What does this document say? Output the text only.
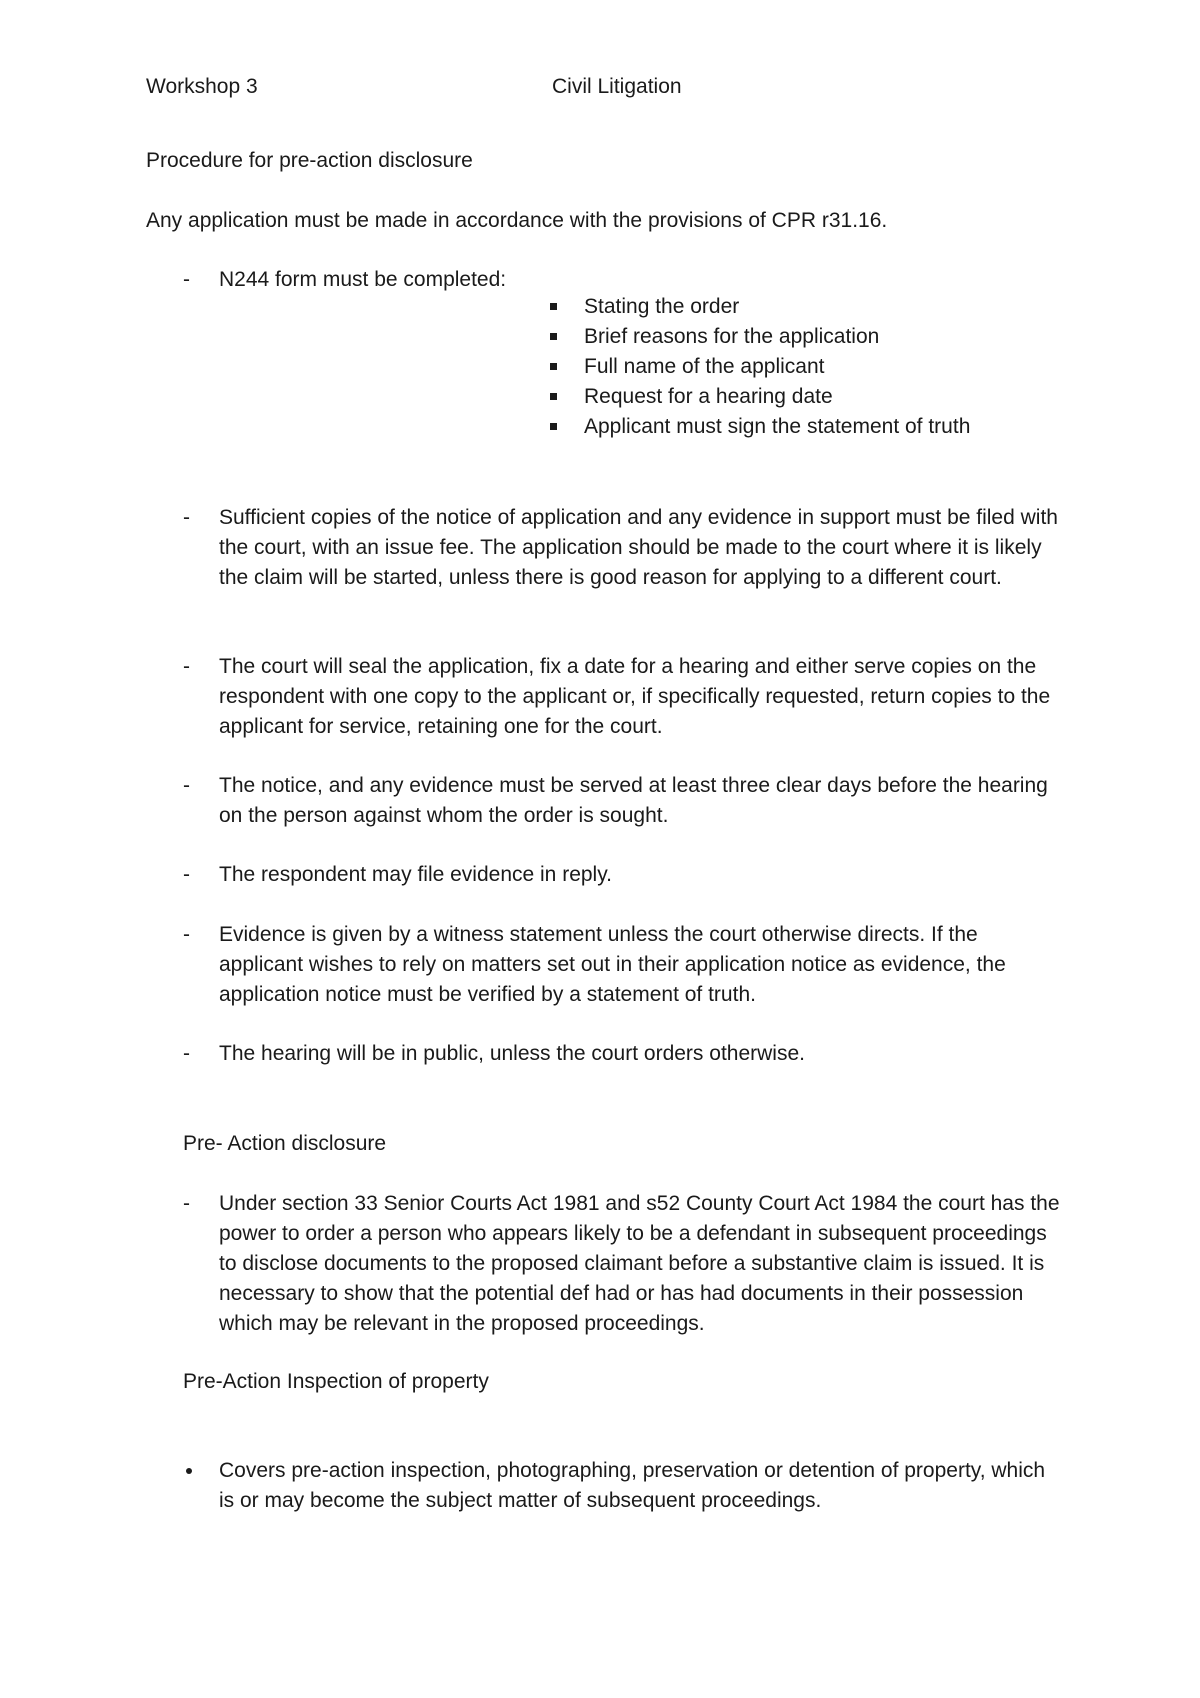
Workshop 3	Civil Litigation

Procedure for pre-action disclosure

Any application must be made in accordance with the provisions of CPR r31.16.

-	N244 form must be completed:
Stating the order
Brief reasons for the application
Full name of the applicant
Request for a hearing date
Applicant must sign the statement of truth
-	Sufficient copies of the notice of application and any evidence in support must be filed with the court, with an issue fee. The application should be made to the court where it is likely the claim will be started, unless there is good reason for applying to a different court.
-	The court will seal the application, fix a date for a hearing and either serve copies on the respondent with one copy to the applicant or, if specifically requested, return copies to the applicant for service, retaining one for the court.
-	The notice, and any evidence must be served at least three clear days before the hearing on the person against whom the order is sought.
-	The respondent may file evidence in reply.
-	Evidence is given by a witness statement unless the court otherwise directs. If the applicant wishes to rely on matters set out in their application notice as evidence, the application notice must be verified by a statement of truth.
-	The hearing will be in public, unless the court orders otherwise.

Pre- Action disclosure

-	Under section 33 Senior Courts Act 1981 and s52 County Court Act 1984 the court has the power to order a person who appears likely to be a defendant in subsequent proceedings to disclose documents to the proposed claimant before a substantive claim is issued. It is necessary to show that the potential def had or has had documents in their possession which may be relevant in the proposed proceedings.

Pre-Action Inspection of property

Covers pre-action inspection, photographing, preservation or detention of property, which is or may become the subject matter of subsequent proceedings.
